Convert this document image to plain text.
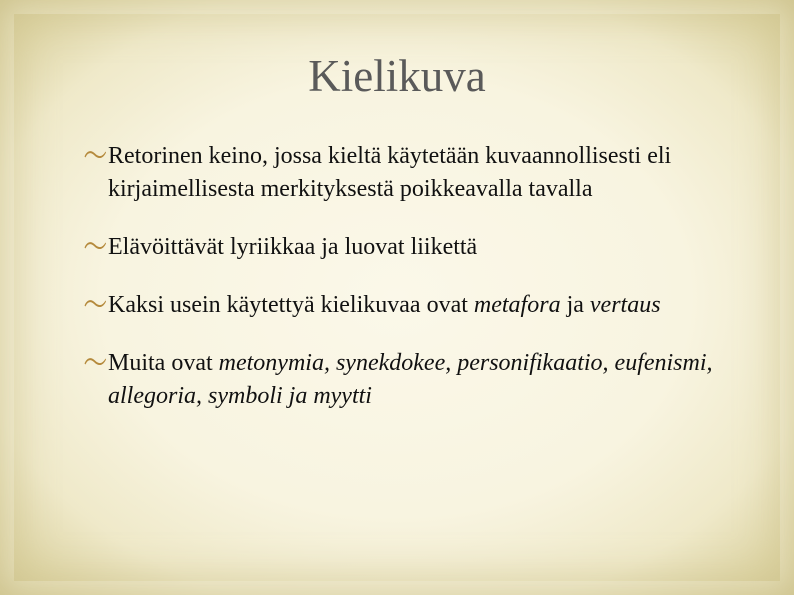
Kielikuva
Retorinen keino, jossa kieltä käytetään kuvaannollisesti eli kirjaimellisesta merkityksestä poikkeavalla tavalla
Elävöittävät lyriikkaa ja luovat liikettä
Kaksi usein käytettyä kielikuvaa ovat metafora ja vertaus
Muita ovat metonymia, synekdokee, personifikaatio, eufenismi, allegoria, symboli ja myytti
